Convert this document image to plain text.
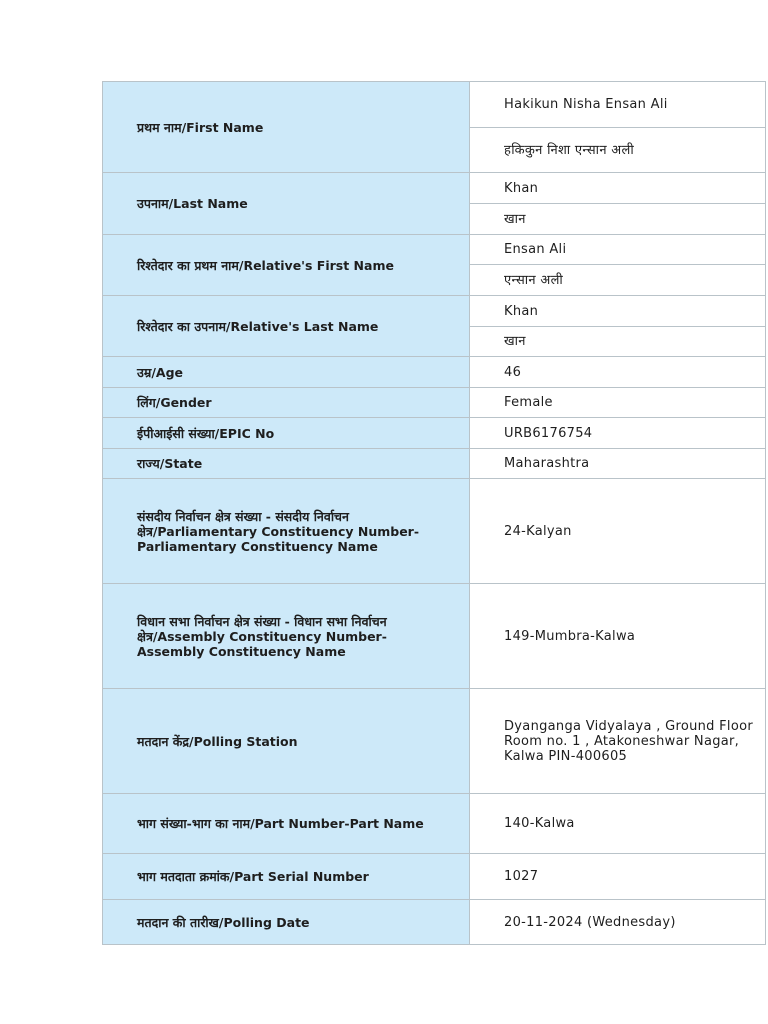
प्रथम नाम/First Name	Hakikun Nisha Ensan Ali

	हकिकुन निशा एन्सान अली

उपनाम/Last Name	Khan

	खान

रिश्तेदार का प्रथम नाम/Relative's First Name	Ensan Ali

	एन्सान अली

रिश्तेदार का उपनाम/Relative's Last Name	Khan

	खान

उम्र/Age	46

लिंग/Gender	Female

ईपीआईसी संख्या/EPIC No	URB6176754

राज्य/State	Maharashtra

संसदीय निर्वाचन क्षेत्र संख्या - संसदीय निर्वाचन क्षेत्र/Parliamentary Constituency Number-Parliamentary Constituency Name	24-Kalyan

विधान सभा निर्वाचन क्षेत्र संख्या - विधान सभा निर्वाचन क्षेत्र/Assembly Constituency Number-Assembly Constituency Name	149-Mumbra-Kalwa

मतदान केंद्र/Polling Station	Dyanganga Vidyalaya , Ground Floor Room no. 1 , Atakoneshwar Nagar, Kalwa PIN-400605

भाग संख्या-भाग का नाम/Part Number-Part Name	140-Kalwa

भाग मतदाता क्रमांक/Part Serial Number	1027

मतदान की तारीख/Polling Date	20-11-2024 (Wednesday)
